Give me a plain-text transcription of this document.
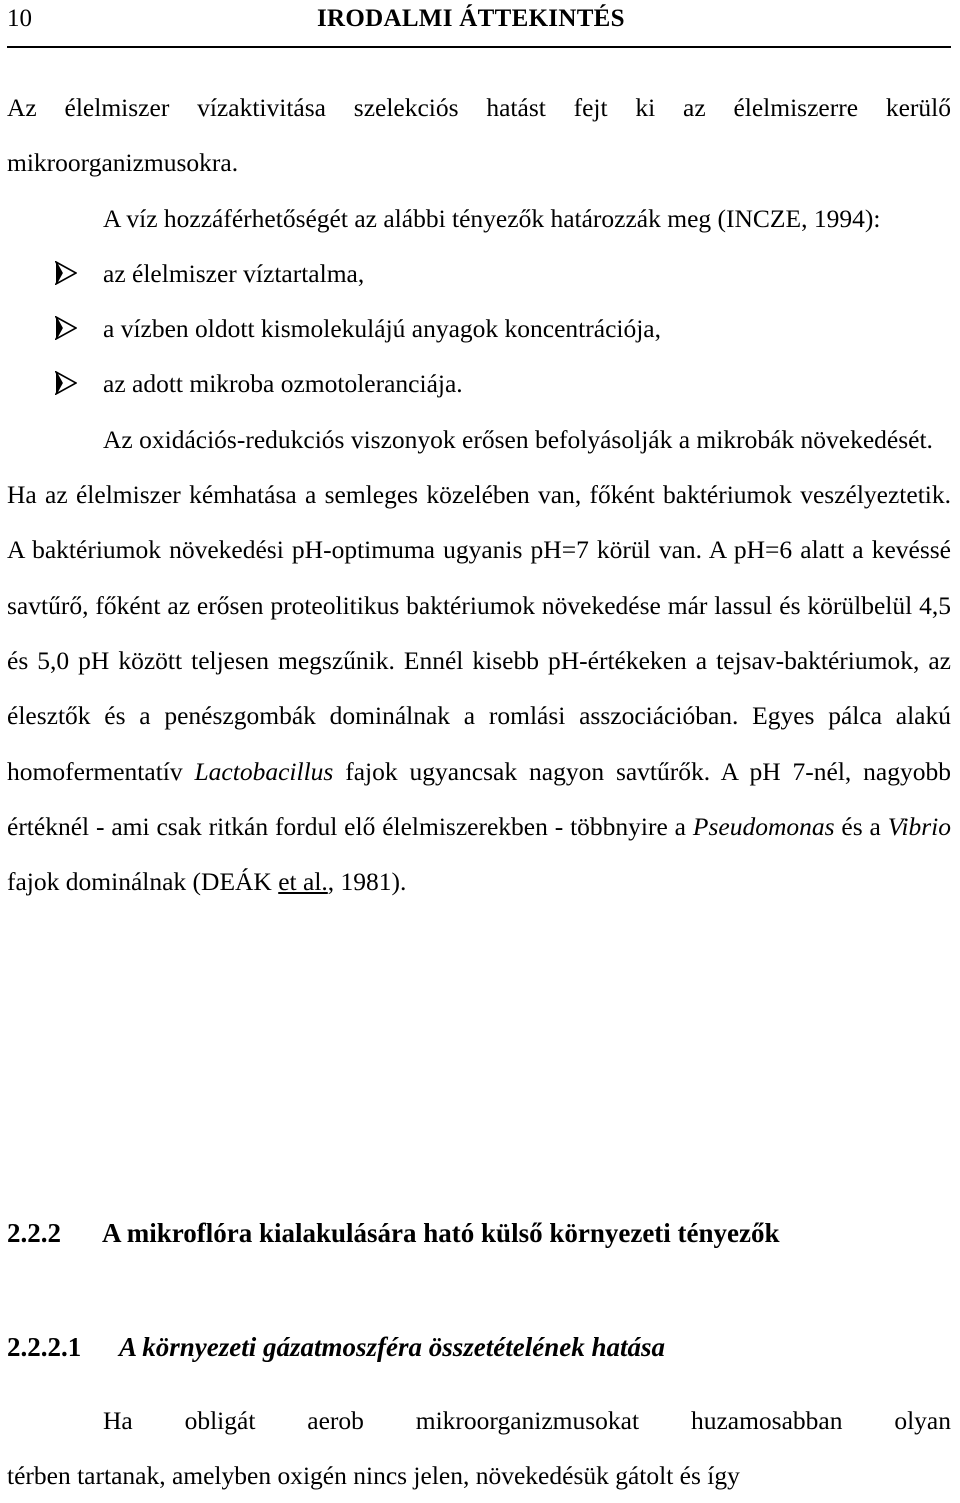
10	IRODALMI ÁTTEKINTÉS

Az élelmiszer vízaktivitása szelekciós hatást fejt ki az élelmiszerre kerülő mikroorganizmusokra.

A víz hozzáférhetőségét az alábbi tényezők határozzák meg (INCZE, 1994):

az élelmiszer víztartalma,
a vízben oldott kismolekulájú anyagok koncentrációja,
az adott mikroba ozmotoleranciája.

Az oxidációs-redukciós viszonyok erősen befolyásolják a mikrobák növekedését.

Ha az élelmiszer kémhatása a semleges közelében van, főként baktériumok veszélyeztetik. A baktériumok növekedési pH-optimuma ugyanis pH=7 körül van. A pH=6 alatt a kevéssé savtűrő, főként az erősen proteolitikus baktériumok növekedése már lassul és körülbelül 4,5 és 5,0 pH között teljesen megszűnik. Ennél kisebb pH-értékeken a tejsav-baktériumok, az élesztők és a penészgombák dominálnak a romlási asszociációban. Egyes pálca alakú homofermentatív Lactobacillus fajok ugyancsak nagyon savtűrők. A pH 7-nél, nagyobb értéknél - ami csak ritkán fordul elő élelmiszerekben - többnyire a Pseudomonas és a Vibrio fajok dominálnak (DEÁK et al., 1981).

2.2.2 A mikroflóra kialakulására ható külső környezeti tényezők
2.2.2.1 A környezeti gázatmoszféra összetételének hatása

Ha obligát aerob mikroorganizmusokat huzamosabban olyan

térben tartanak, amelyben oxigén nincs jelen, növekedésük gátolt és így
